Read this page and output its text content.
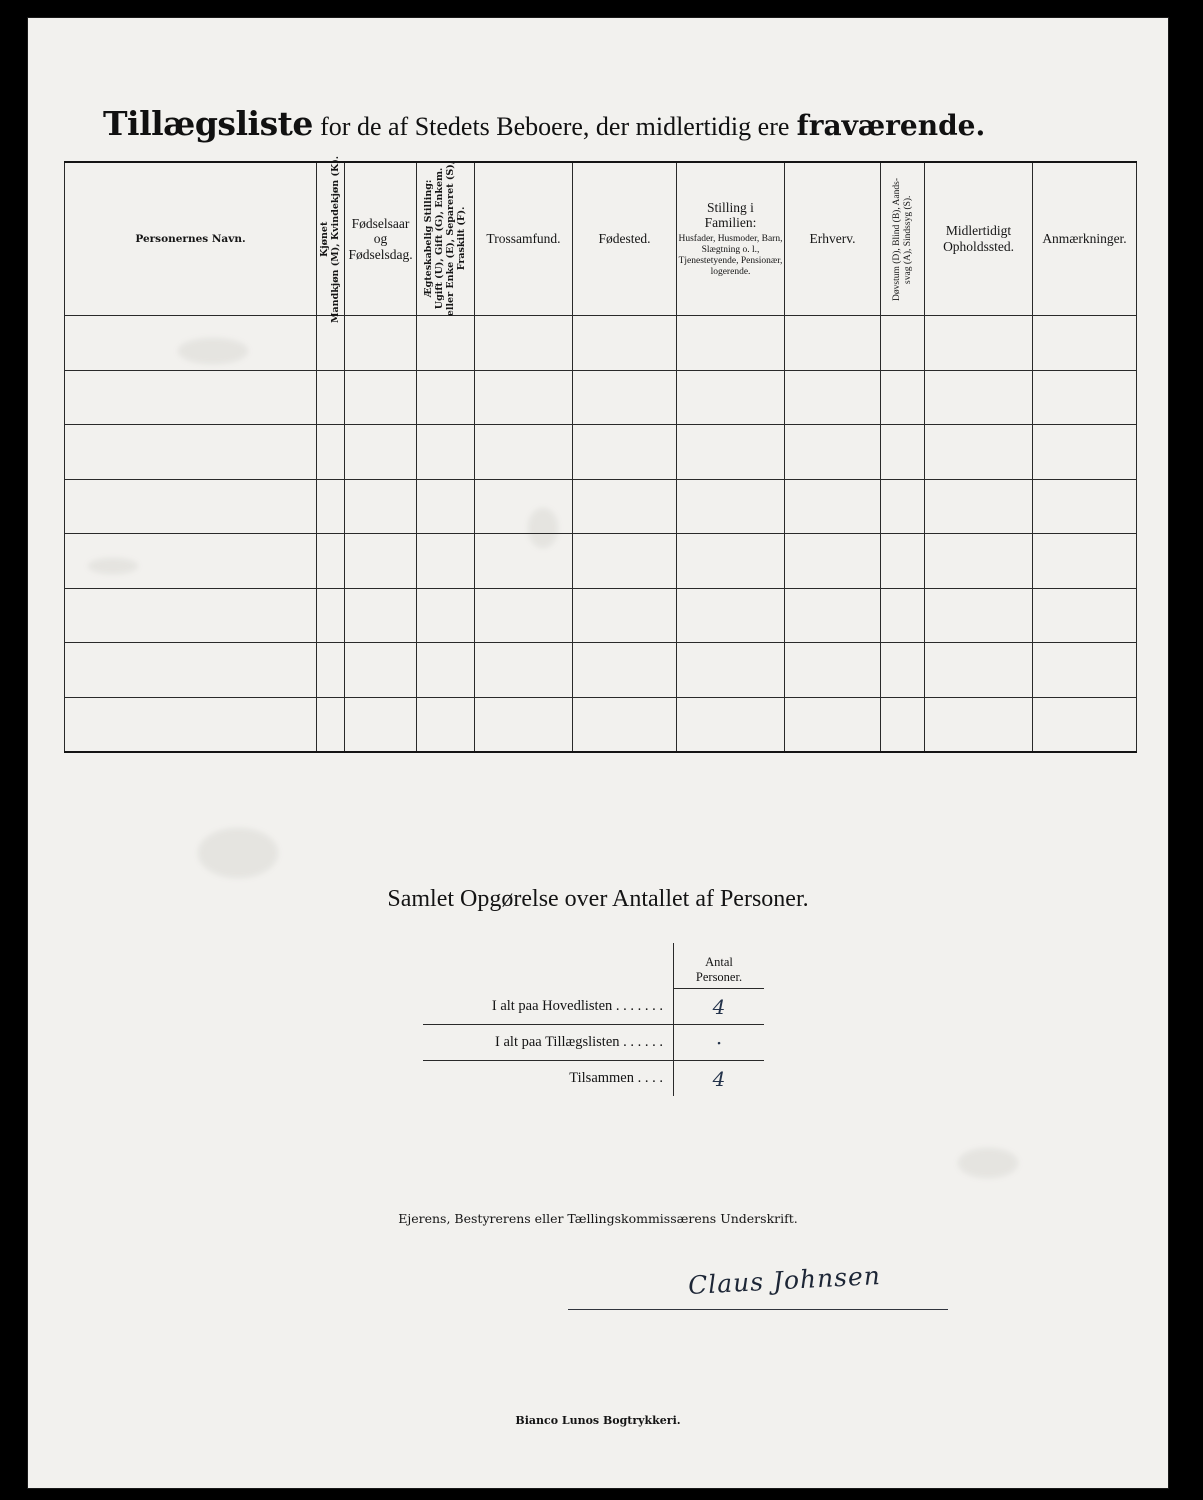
Tillægsliste for de af Stedets Beboere, der midlertidig ere fraværende.
Personernes Navn.	Kjønet
Mandkjøn (M), Kvindekjøn (K).	Fødselsaar
og
Fødselsdag.	Ægteskabelig Stilling:
Ugift (U), Gift (G), Enkem.
eller Enke (E), Separeret (S),
Fraskilt (F).	Trossamfund.	Fødested.	Stilling i
Familien:
Husfader, Husmoder, Barn, Slægtning o. l., Tjenestetyende, Pensionær, logerende.	Erhverv.	Døvstum (D), Blind (B), Aands-
svag (A), Sindssyg (S).	Midlertidigt
Opholdssted.	Anmærkninger.

Samlet Opgørelse over Antallet af Personer.
	Antal
Personer.
I alt paa Hovedlisten . . . . . . .	4
I alt paa Tillægslisten . . . . . .	⋅
Tilsammen . . . .	4
Ejerens, Bestyrerens eller Tællingskommissærens Underskrift.
Claus Johnsen
Bianco Lunos Bogtrykkeri.
